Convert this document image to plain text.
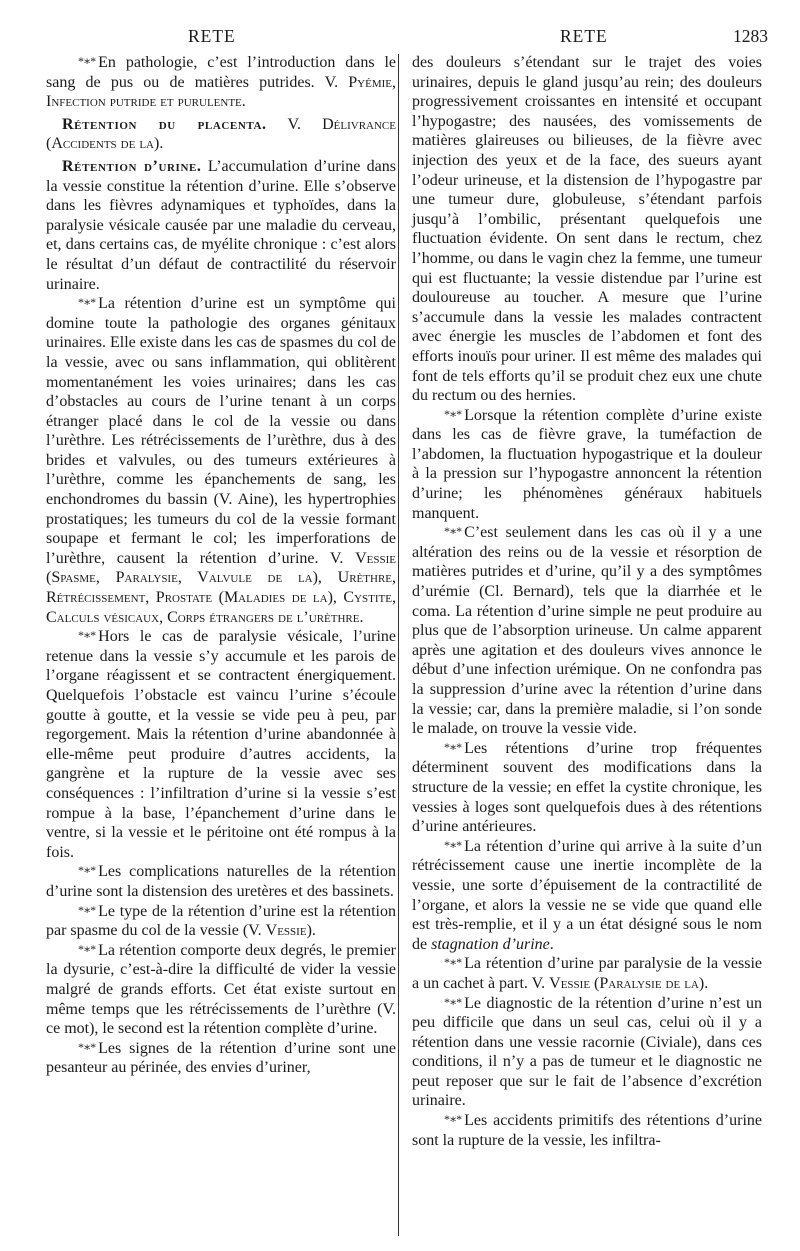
RETE	RETE	1283

*∗* En pathologie, c’est l’introduction dans le sang de pus ou de matières putrides. V. Pyémie, Infection putride et purulente.

Rétention du placenta. V. Délivrance (Accidents de la).

Rétention d’urine. L’accumulation d’urine dans la vessie constitue la rétention d’urine. Elle s’observe dans les fièvres adynamiques et typhoïdes, dans la paralysie vésicale causée par une maladie du cerveau, et, dans certains cas, de myélite chronique : c’est alors le résultat d’un défaut de contractilité du réservoir urinaire.

*∗* La rétention d’urine est un symptôme qui domine toute la pathologie des organes génitaux urinaires. Elle existe dans les cas de spasmes du col de la vessie, avec ou sans inflammation, qui oblitèrent momentanément les voies urinaires; dans les cas d’obstacles au cours de l’urine tenant à un corps étranger placé dans le col de la vessie ou dans l’urèthre. Les rétrécissements de l’urèthre, dus à des brides et valvules, ou des tumeurs extérieures à l’urèthre, comme les épanchements de sang, les enchondromes du bassin (V. Aine), les hypertrophies prostatiques; les tumeurs du col de la vessie formant soupape et fermant le col; les imperforations de l’urèthre, causent la rétention d’urine. V. Vessie (Spasme, Paralysie, Valvule de la), Urèthre, Rétrécissement, Prostate (Maladies de la), Cystite, Calculs vésicaux, Corps étrangers de l’urèthre.

*∗* Hors le cas de paralysie vésicale, l’urine retenue dans la vessie s’y accumule et les parois de l’organe réagissent et se contractent énergiquement. Quelquefois l’obstacle est vaincu l’urine s’écoule goutte à goutte, et la vessie se vide peu à peu, par regorgement. Mais la rétention d’urine abandonnée à elle-même peut produire d’autres accidents, la gangrène et la rupture de la vessie avec ses conséquences : l’infiltration d’urine si la vessie s’est rompue à la base, l’épanchement d’urine dans le ventre, si la vessie et le péritoine ont été rompus à la fois.

*∗* Les complications naturelles de la rétention d’urine sont la distension des uretères et des bassinets.

*∗* Le type de la rétention d’urine est la rétention par spasme du col de la vessie (V. Vessie).

*∗* La rétention comporte deux degrés, le premier la dysurie, c’est-à-dire la difficulté de vider la vessie malgré de grands efforts. Cet état existe surtout en même temps que les rétrécissements de l’urèthre (V. ce mot), le second est la rétention complète d’urine.

*∗* Les signes de la rétention d’urine sont une pesanteur au périnée, des envies d’uriner,

des douleurs s’étendant sur le trajet des voies urinaires, depuis le gland jusqu’au rein; des douleurs progressivement croissantes en intensité et occupant l’hypogastre; des nausées, des vomissements de matières glaireuses ou bilieuses, de la fièvre avec injection des yeux et de la face, des sueurs ayant l’odeur urineuse, et la distension de l’hypogastre par une tumeur dure, globuleuse, s’étendant parfois jusqu’à l’ombilic, présentant quelquefois une fluctuation évidente. On sent dans le rectum, chez l’homme, ou dans le vagin chez la femme, une tumeur qui est fluctuante; la vessie distendue par l’urine est douloureuse au toucher. A mesure que l’urine s’accumule dans la vessie les malades contractent avec énergie les muscles de l’abdomen et font des efforts inouïs pour uriner. Il est même des malades qui font de tels efforts qu’il se produit chez eux une chute du rectum ou des hernies.

*∗* Lorsque la rétention complète d’urine existe dans les cas de fièvre grave, la tuméfaction de l’abdomen, la fluctuation hypogastrique et la douleur à la pression sur l’hypogastre annoncent la rétention d’urine; les phénomènes généraux habituels manquent.

*∗* C’est seulement dans les cas où il y a une altération des reins ou de la vessie et résorption de matières putrides et d’urine, qu’il y a des symptômes d’urémie (Cl. Bernard), tels que la diarrhée et le coma. La rétention d’urine simple ne peut produire au plus que de l’absorption urineuse. Un calme apparent après une agitation et des douleurs vives annonce le début d’une infection urémique. On ne confondra pas la suppression d’urine avec la rétention d’urine dans la vessie; car, dans la première maladie, si l’on sonde le malade, on trouve la vessie vide.

*∗* Les rétentions d’urine trop fréquentes déterminent souvent des modifications dans la structure de la vessie; en effet la cystite chronique, les vessies à loges sont quelquefois dues à des rétentions d’urine antérieures.

*∗* La rétention d’urine qui arrive à la suite d’un rétrécissement cause une inertie incomplète de la vessie, une sorte d’épuisement de la contractilité de l’organe, et alors la vessie ne se vide que quand elle est très-remplie, et il y a un état désigné sous le nom de stagnation d’urine.

*∗* La rétention d’urine par paralysie de la vessie a un cachet à part. V. Vessie (Paralysie de la).

*∗* Le diagnostic de la rétention d’urine n’est un peu difficile que dans un seul cas, celui où il y a rétention dans une vessie racornie (Civiale), dans ces conditions, il n’y a pas de tumeur et le diagnostic ne peut reposer que sur le fait de l’absence d’excrétion urinaire.

*∗* Les accidents primitifs des rétentions d’urine sont la rupture de la vessie, les infiltra-
